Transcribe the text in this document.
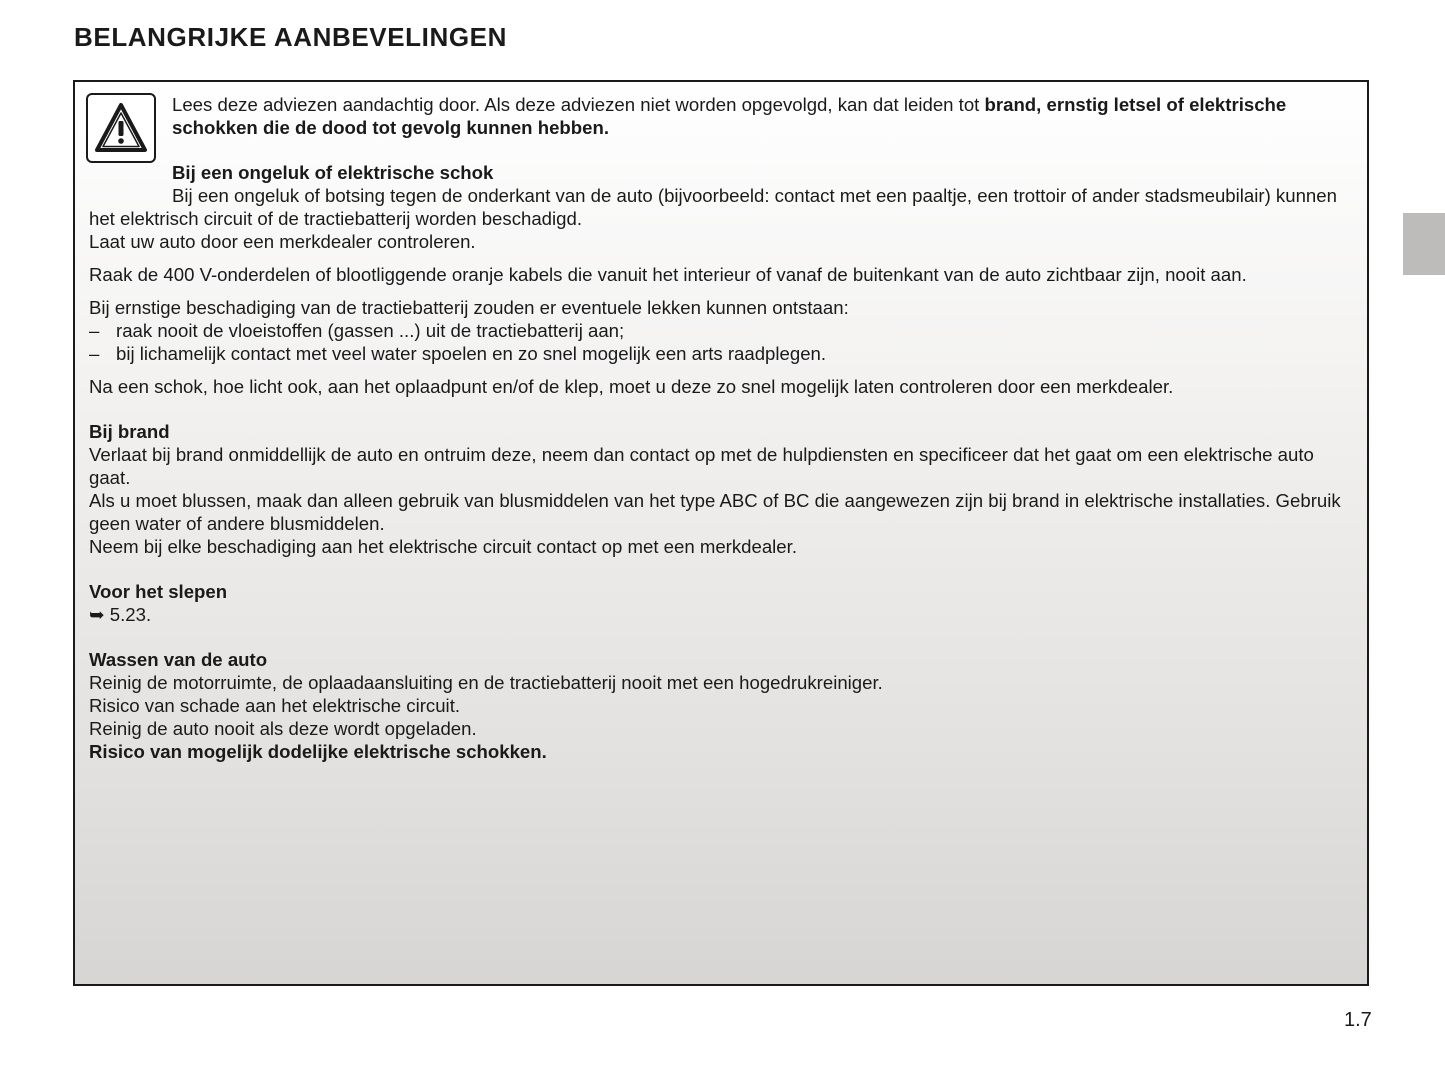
BELANGRIJKE AANBEVELINGEN

Lees deze adviezen aandachtig door. Als deze adviezen niet worden opgevolgd, kan dat leiden tot brand, ernstig letsel of elektrische schokken die de dood tot gevolg kunnen hebben.

Bij een ongeluk of elektrische schok

Bij een ongeluk of botsing tegen de onderkant van de auto (bijvoorbeeld: contact met een paaltje, een trottoir of ander stadsmeubilair) kunnen het elektrisch circuit of de tractiebatterij worden beschadigd.

Laat uw auto door een merkdealer controleren.

Raak de 400 V-onderdelen of blootliggende oranje kabels die vanuit het interieur of vanaf de buitenkant van de auto zichtbaar zijn, nooit aan.

Bij ernstige beschadiging van de tractiebatterij zouden er eventuele lekken kunnen ontstaan:

– raak nooit de vloeistoffen (gassen ...) uit de tractiebatterij aan;

– bij lichamelijk contact met veel water spoelen en zo snel mogelijk een arts raadplegen.

Na een schok, hoe licht ook, aan het oplaadpunt en/of de klep, moet u deze zo snel mogelijk laten controleren door een merkdealer.

Bij brand

Verlaat bij brand onmiddellijk de auto en ontruim deze, neem dan contact op met de hulpdiensten en specificeer dat het gaat om een elektrische auto gaat.

Als u moet blussen, maak dan alleen gebruik van blusmiddelen van het type ABC of BC die aangewezen zijn bij brand in elektrische installaties. Gebruik geen water of andere blusmiddelen.

Neem bij elke beschadiging aan het elektrische circuit contact op met een merkdealer.

Voor het slepen

➥ 5.23.

Wassen van de auto

Reinig de motorruimte, de oplaadaansluiting en de tractiebatterij nooit met een hogedrukreiniger.

Risico van schade aan het elektrische circuit.

Reinig de auto nooit als deze wordt opgeladen.

Risico van mogelijk dodelijke elektrische schokken.

1.7
